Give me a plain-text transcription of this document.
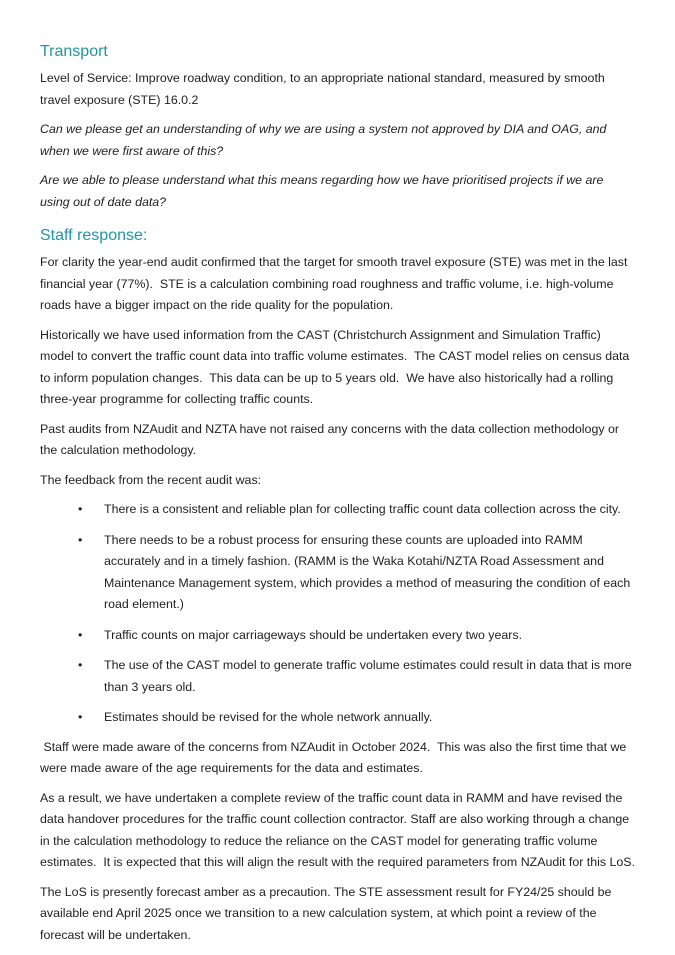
Transport

Level of Service: Improve roadway condition, to an appropriate national standard, measured by smooth travel exposure (STE) 16.0.2

Can we please get an understanding of why we are using a system not approved by DIA and OAG, and when we were first aware of this?

Are we able to please understand what this means regarding how we have prioritised projects if we are using out of date data?

Staff response:

For clarity the year-end audit confirmed that the target for smooth travel exposure (STE) was met in the last financial year (77%).  STE is a calculation combining road roughness and traffic volume, i.e. high-volume roads have a bigger impact on the ride quality for the population.

Historically we have used information from the CAST (Christchurch Assignment and Simulation Traffic) model to convert the traffic count data into traffic volume estimates.  The CAST model relies on census data to inform population changes.  This data can be up to 5 years old.  We have also historically had a rolling three-year programme for collecting traffic counts.

Past audits from NZAudit and NZTA have not raised any concerns with the data collection methodology or the calculation methodology.

The feedback from the recent audit was:

• There is a consistent and reliable plan for collecting traffic count data collection across the city.
• There needs to be a robust process for ensuring these counts are uploaded into RAMM accurately and in a timely fashion. (RAMM is the Waka Kotahi/NZTA Road Assessment and Maintenance Management system, which provides a method of measuring the condition of each road element.)
• Traffic counts on major carriageways should be undertaken every two years.
• The use of the CAST model to generate traffic volume estimates could result in data that is more than 3 years old.
• Estimates should be revised for the whole network annually.

Staff were made aware of the concerns from NZAudit in October 2024.  This was also the first time that we were made aware of the age requirements for the data and estimates.

As a result, we have undertaken a complete review of the traffic count data in RAMM and have revised the data handover procedures for the traffic count collection contractor. Staff are also working through a change in the calculation methodology to reduce the reliance on the CAST model for generating traffic volume estimates.  It is expected that this will align the result with the required parameters from NZAudit for this LoS.

The LoS is presently forecast amber as a precaution. The STE assessment result for FY24/25 should be available end April 2025 once we transition to a new calculation system, at which point a review of the forecast will be undertaken.
